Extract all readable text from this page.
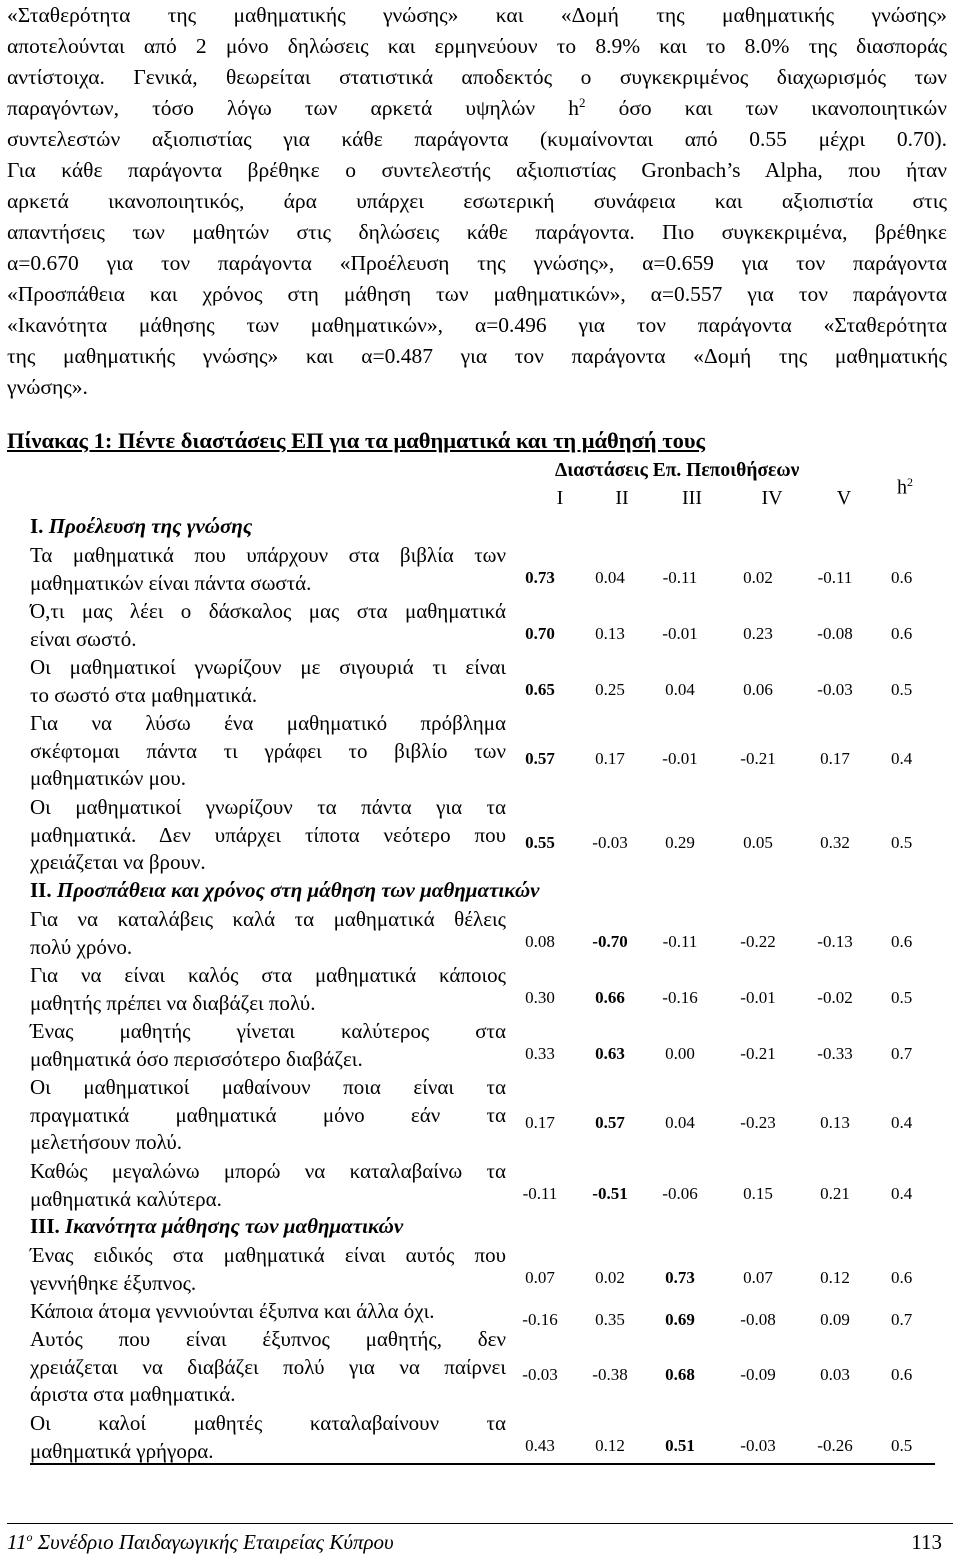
«Σταθερότητα της μαθηματικής γνώσης» και «Δομή της μαθηματικής γνώσης»
αποτελούνται από 2 μόνο δηλώσεις και ερμηνεύουν το 8.9% και το 8.0% της διασποράς
αντίστοιχα. Γενικά, θεωρείται στατιστικά αποδεκτός ο συγκεκριμένος διαχωρισμός των
παραγόντων, τόσο λόγω των αρκετά υψηλών $h^2$ όσο και των ικανοποιητικών
συντελεστών αξιοπιστίας για κάθε παράγοντα (κυμαίνονται από 0.55 μέχρι 0.70).
Για κάθε παράγοντα βρέθηκε ο συντελεστής αξιοπιστίας Gronbach’s Alpha, που ήταν
αρκετά ικανοποιητικός, άρα υπάρχει εσωτερική συνάφεια και αξιοπιστία στις
απαντήσεις των μαθητών στις δηλώσεις κάθε παράγοντα. Πιο συγκεκριμένα, βρέθηκε
α=0.670 για τον παράγοντα «Προέλευση της γνώσης», α=0.659 για τον παράγοντα
«Προσπάθεια και χρόνος στη μάθηση των μαθηματικών», α=0.557 για τον παράγοντα
«Ικανότητα μάθησης των μαθηματικών», α=0.496 για τον παράγοντα «Σταθερότητα
της μαθηματικής γνώσης» και α=0.487 για τον παράγοντα «Δομή της μαθηματικής
γνώσης».
Πίνακας 1: Πέντε διαστάσεις ΕΠ για τα μαθηματικά και τη μάθησή τους
Διαστάσεις Επ. Πεποιθήσεων
I	II	III	IV	V	$h^2$
I. Προέλευση της γνώσης
Τα μαθηματικά που υπάρχουν στα βιβλία των
μαθηματικών είναι πάντα σωστά.	0.73	0.04	-0.11	0.02	-0.11	0.6
Ό,τι μας λέει ο δάσκαλος μας στα μαθηματικά
είναι σωστό.	0.70	0.13	-0.01	0.23	-0.08	0.6
Οι μαθηματικοί γνωρίζουν με σιγουριά τι είναι
το σωστό στα μαθηματικά.	0.65	0.25	0.04	0.06	-0.03	0.5
Για να λύσω ένα μαθηματικό πρόβλημα
σκέφτομαι πάντα τι γράφει το βιβλίο των
μαθηματικών μου.
0.57	0.17	-0.01	-0.21	0.17	0.4
Οι μαθηματικοί γνωρίζουν τα πάντα για τα
μαθηματικά. Δεν υπάρχει τίποτα νεότερο που
χρειάζεται να βρουν.
0.55	-0.03	0.29	0.05	0.32	0.5
II. Προσπάθεια και χρόνος στη μάθηση των μαθηματικών
Για να καταλάβεις καλά τα μαθηματικά θέλεις
πολύ χρόνο.	0.08	-0.70	-0.11	-0.22	-0.13	0.6
Για να είναι καλός στα μαθηματικά κάποιος
μαθητής πρέπει να διαβάζει πολύ.	0.30	0.66	-0.16	-0.01	-0.02	0.5
Ένας μαθητής γίνεται καλύτερος στα
μαθηματικά όσο περισσότερο διαβάζει.	0.33	0.63	0.00	-0.21	-0.33	0.7
Οι μαθηματικοί μαθαίνουν ποια είναι τα
πραγματικά μαθηματικά μόνο εάν τα
μελετήσουν πολύ.
0.17	0.57	0.04	-0.23	0.13	0.4
Καθώς μεγαλώνω μπορώ να καταλαβαίνω τα
μαθηματικά καλύτερα.	-0.11	-0.51	-0.06	0.15	0.21	0.4
III. Ικανότητα μάθησης των μαθηματικών
Ένας ειδικός στα μαθηματικά είναι αυτός που
γεννήθηκε έξυπνος.	0.07	0.02	0.73	0.07	0.12	0.6
Κάποια άτομα γεννιούνται έξυπνα και άλλα όχι.	-0.16	0.35	0.69	-0.08	0.09	0.7
Αυτός που είναι έξυπνος μαθητής, δεν
χρειάζεται να διαβάζει πολύ για να παίρνει
άριστα στα μαθηματικά.
-0.03	-0.38	0.68	-0.09	0.03	0.6
Οι καλοί μαθητές καταλαβαίνουν τα
μαθηματικά γρήγορα.	0.43	0.12	0.51	-0.03	-0.26	0.5
$11^o$ Συνέδριο Παιδαγωγικής Εταιρείας Κύπρου	113
